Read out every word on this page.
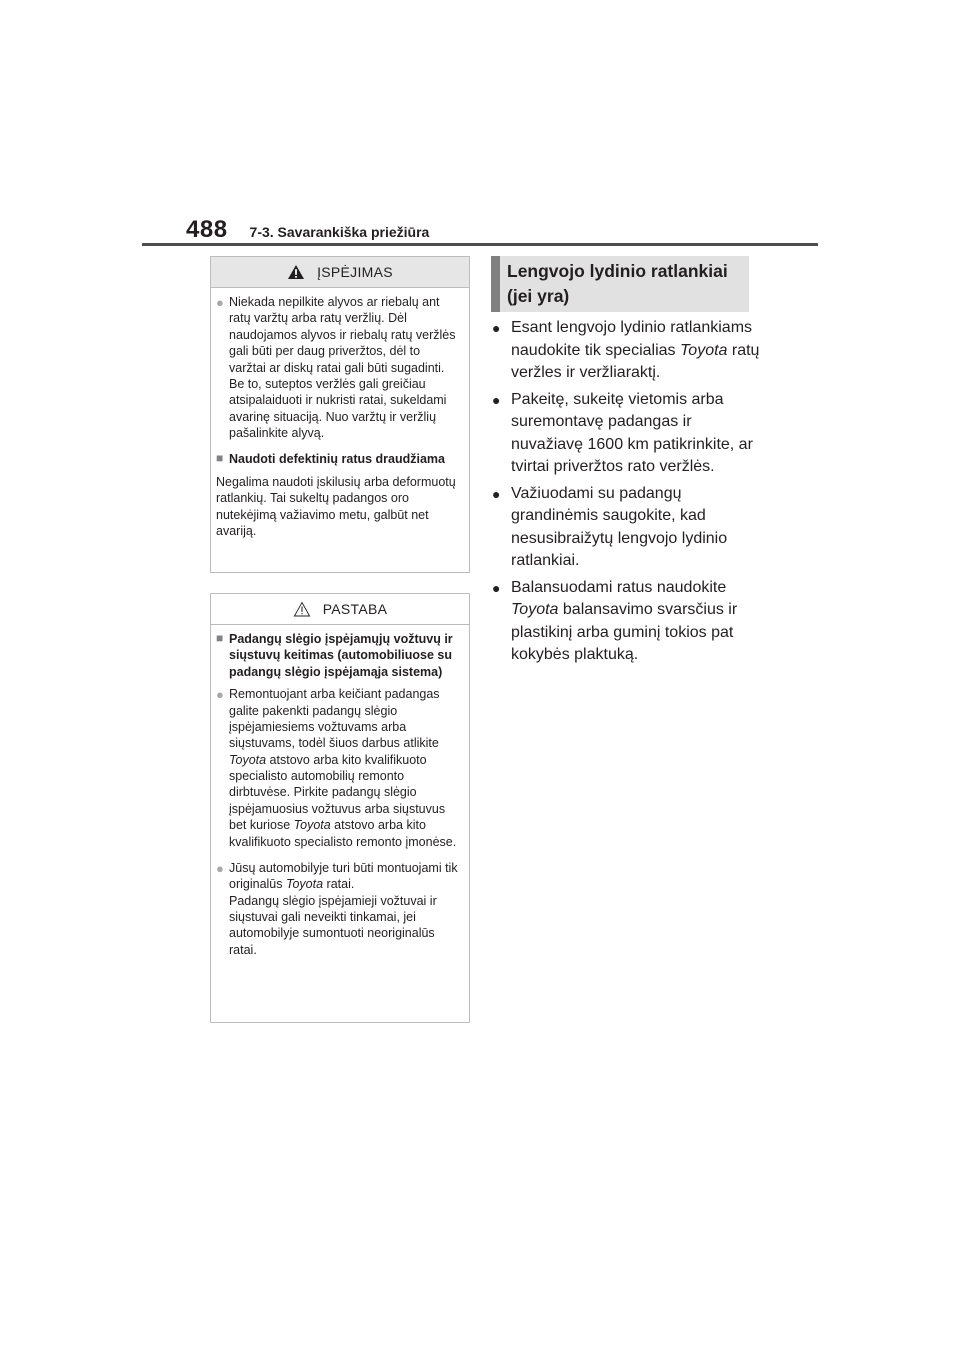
488 7-3. Savarankiška priežiūra
ĮSPĖJIMAS
● Niekada nepilkite alyvos ar riebalų ant ratų varžtų arba ratų veržlių. Dėl naudojamos alyvos ir riebalų ratų veržlės gali būti per daug priveržtos, dėl to varžtai ar diskų ratai gali būti sugadinti. Be to, suteptos veržlės gali greičiau atsipalaiduoti ir nukristi ratai, sukeldami avarinę situaciją. Nuo varžtų ir veržlių pašalinkite alyvą.
■ Naudoti defektinių ratus draudžiama
Negalima naudoti įskilusių arba deformuotų ratlankių. Tai sukeltų padangos oro nutekėjimą važiavimo metu, galbūt net avariją.
PASTABA
■ Padangų slėgio įspėjamųjų vožtuvų ir siųstuvų keitimas (automobiliuose su padangų slėgio įspėjamąja sistema)
● Remontuojant arba keičiant padangas galite pakenkti padangų slėgio įspėjamiesiems vožtuvams arba siųstuvams, todėl šiuos darbus atlikite Toyota atstovo arba kito kvalifikuoto specialisto automobilių remonto dirbtuvėse. Pirkite padangų slėgio įspėjamuosius vožtuvus arba siųstuvus bet kuriose Toyota atstovo arba kito kvalifikuoto specialisto remonto įmonėse.
● Jūsų automobilyje turi būti montuojami tik originalūs Toyota ratai.
Padangų slėgio įspėjamieji vožtuvai ir siųstuvai gali neveikti tinkamai, jei automobilyje sumontuoti neoriginalūs ratai.
Lengvojo lydinio ratlankiai (jei yra)
● Esant lengvojo lydinio ratlankiams naudokite tik specialias Toyota ratų veržles ir veržliaraktį.
● Pakeitę, sukeitę vietomis arba suremontavę padangas ir nuvažiavę 1600 km patikrinkite, ar tvirtai priveržtos rato veržlės.
● Važiuodami su padangų grandinėmis saugokite, kad nesusibraižytų lengvojo lydinio ratlankiai.
● Balansuodami ratus naudokite Toyota balansavimo svarsčius ir plastikinį arba guminį tokios pat kokybės plaktuką.
